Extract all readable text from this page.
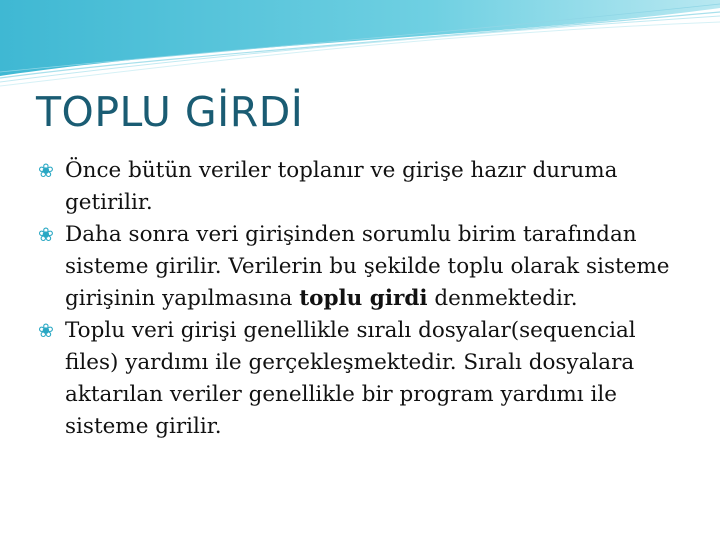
TOPLU GİRDİ

❀ Önce bütün veriler toplanır ve girişe hazır duruma getirilir.

❀ Daha sonra veri girişinden sorumlu birim tarafından sisteme girilir. Verilerin bu şekilde toplu olarak sisteme girişinin yapılmasına toplu girdi denmektedir.

❀ Toplu veri girişi genellikle sıralı dosyalar(sequencial files) yardımı ile gerçekleşmektedir. Sıralı dosyalara aktarılan veriler genellikle bir program yardımı ile sisteme girilir.
